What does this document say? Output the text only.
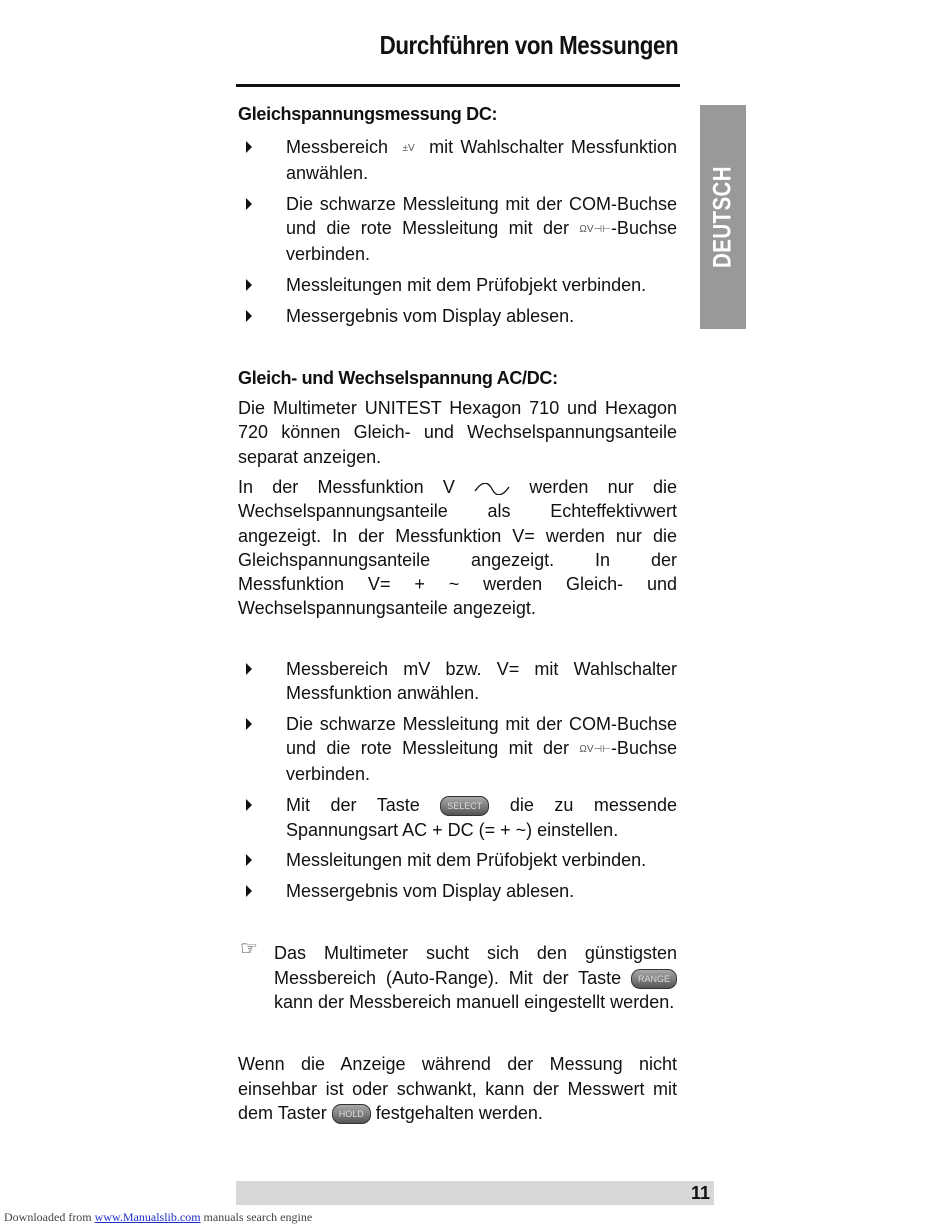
Durchführen von Messungen
DEUTSCH
Gleichspannungsmessung DC:
Messbereich ±V mit Wahlschalter Messfunktion anwählen.
Die schwarze Messleitung mit der COM-Buchse und die rote Messleitung mit der ΩV⊣⊢-Buchse verbinden.
Messleitungen mit dem Prüfobjekt verbinden.
Messergebnis vom Display ablesen.
Gleich- und Wechselspannung AC/DC:

Die Multimeter UNITEST Hexagon 710 und Hexagon 720 können Gleich- und Wechselspannungsanteile separat anzeigen.

In der Messfunktion V	werden nur die Wechselspannungsanteile als Echteffektivwert angezeigt. In der Messfunktion V= werden nur die Gleichspannungsanteile angezeigt. In der Messfunktion V= + ~ werden Gleich- und Wechselspannungsanteile angezeigt.

Messbereich mV bzw. V= mit Wahlschalter Messfunktion anwählen.
Die schwarze Messleitung mit der COM-Buchse und die rote Messleitung mit der ΩV⊣⊢-Buchse verbinden.
Mit der Taste	SELECT die zu messende Spannungsart AC + DC (= + ~) einstellen.
Messleitungen mit dem Prüfobjekt verbinden.
Messergebnis vom Display ablesen.
☞ Das Multimeter sucht sich den günstigsten Messbereich (Auto-Range). Mit der Taste RANGE kann der Messbereich manuell eingestellt werden.

Wenn die Anzeige während der Messung nicht einsehbar ist oder schwankt, kann der Messwert mit dem Taster HOLD festgehalten werden.

11
Downloaded from www.Manualslib.com manuals search engine
